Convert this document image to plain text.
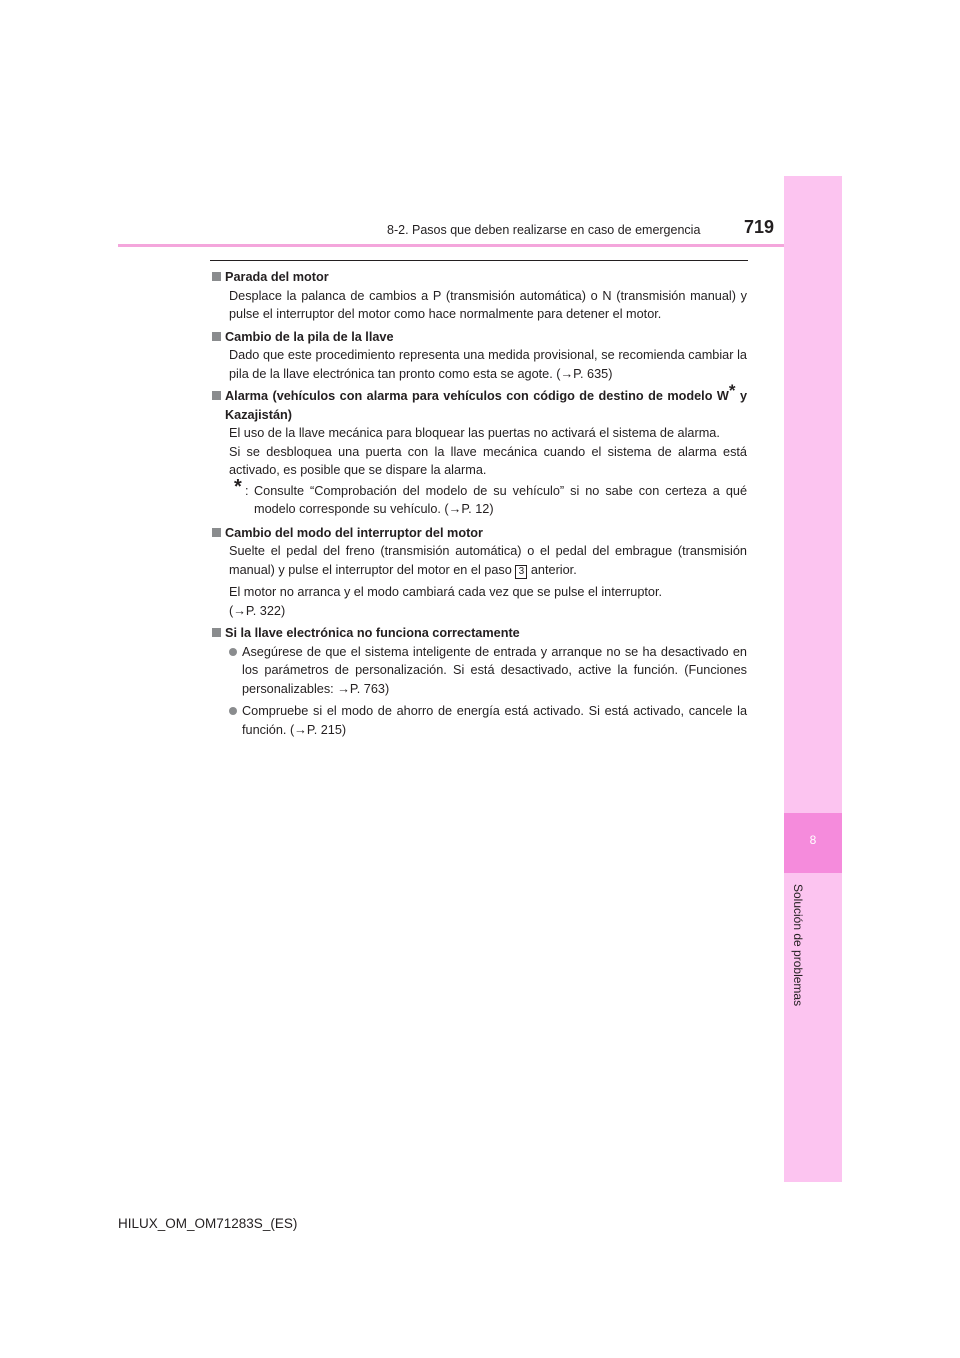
8-2. Pasos que deben realizarse en caso de emergencia	719
8
Solución de problemas
Parada del motor
Desplace la palanca de cambios a P (transmisión automática) o N (transmisión manual) y pulse el interruptor del motor como hace normalmente para detener el motor.
Cambio de la pila de la llave
Dado que este procedimiento representa una medida provisional, se recomienda cambiar la pila de la llave electrónica tan pronto como esta se agote. (→P. 635)
Alarma (vehículos con alarma para vehículos con código de destino de modelo W* y Kazajistán)
El uso de la llave mecánica para bloquear las puertas no activará el sistema de alarma.
Si se desbloquea una puerta con la llave mecánica cuando el sistema de alarma está activado, es posible que se dispare la alarma.
* : Consulte “Comprobación del modelo de su vehículo” si no sabe con certeza a qué modelo corresponde su vehículo. (→P. 12)
Cambio del modo del interruptor del motor
Suelte el pedal del freno (transmisión automática) o el pedal del embrague (transmisión manual) y pulse el interruptor del motor en el paso 3 anterior.
El motor no arranca y el modo cambiará cada vez que se pulse el interruptor.
(→P. 322)
Si la llave electrónica no funciona correctamente
Asegúrese de que el sistema inteligente de entrada y arranque no se ha desactivado en los parámetros de personalización. Si está desactivado, active la función. (Funciones personalizables: →P. 763)
Compruebe si el modo de ahorro de energía está activado. Si está activado, cancele la función. (→P. 215)
HILUX_OM_OM71283S_(ES)
